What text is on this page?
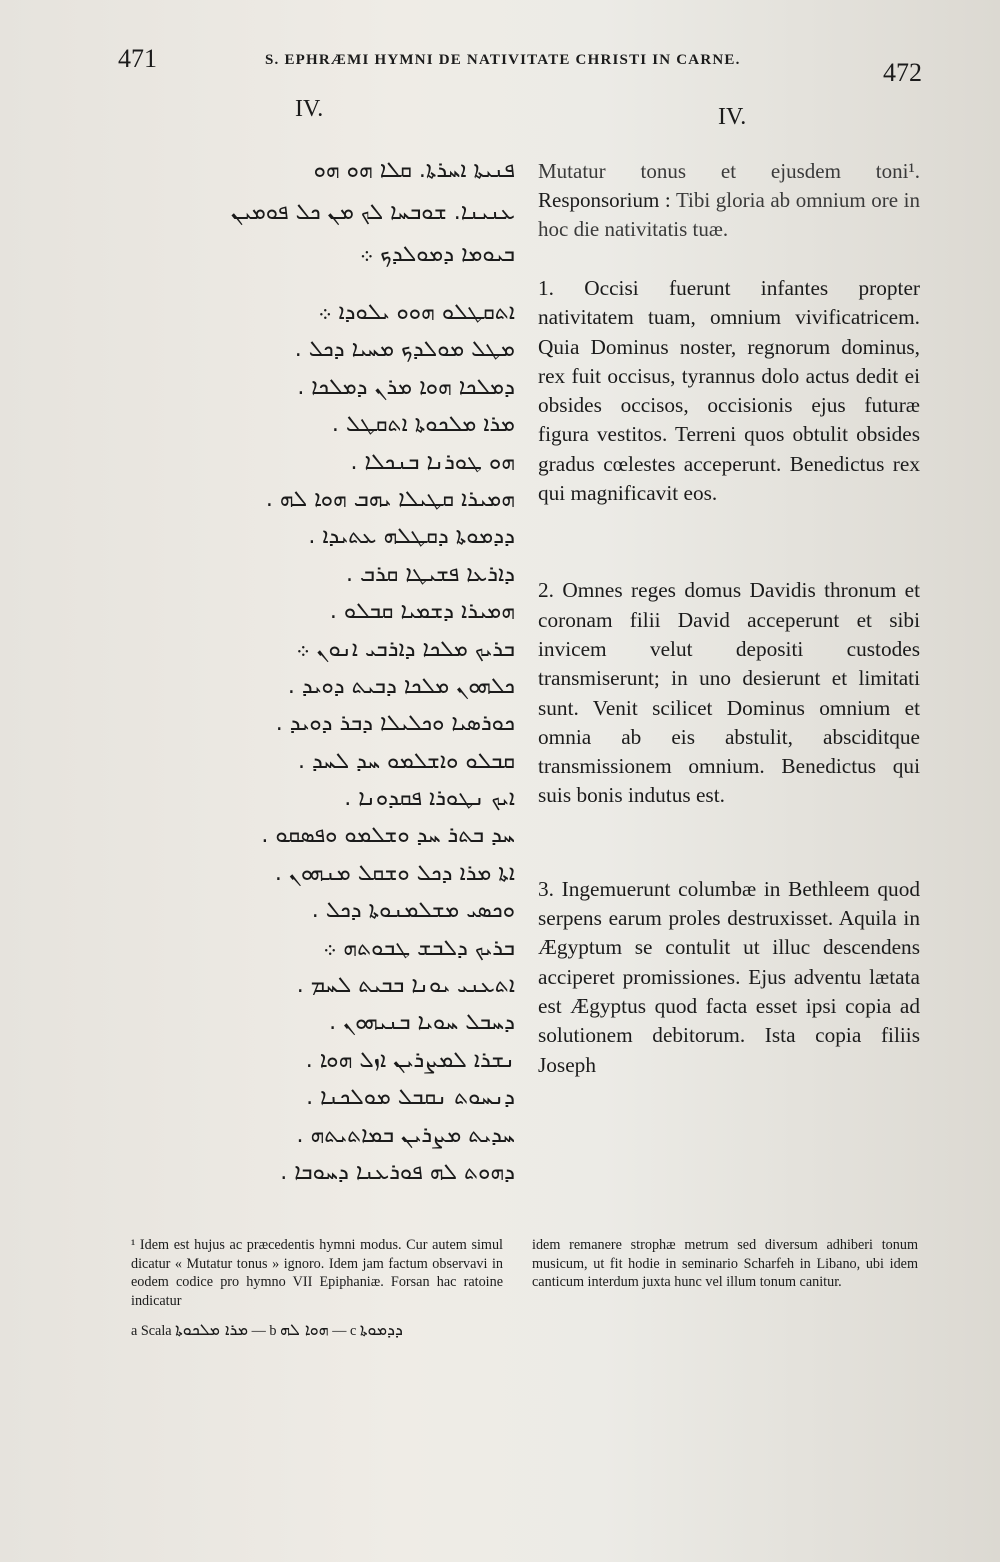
471	S. EPHRÆMI HYMNI DE NATIVITATE CHRISTI IN CARNE.	472
IV.	IV.
ܦܢܝܬܐ ܐܚܪܬܐ. ܩܠܐ ܗܘ ܗܘ
ܥܢܝܢܐ. ܫܘܒܚܐ ܠܟ ܡܢ ܟܠ ܦܘܡܝܢ
ܒܝܘܡܐ ܕܡܘܠܕܟ ܀
ܐܬܩܛܠܘ ܗܘܘ ܝܠܘܕܐ ܀
ܡܛܠ ܡܘܠܕܟ ܡܚܝܐ ܕܟܠ .
ܕܡܠܟܐ ܗܘܐ ܡܪܢ ܕܡܠܟܐ .
ܡܪܐ ܡܠܟܘܬܐ ܐܬܩܛܠ .
ܗܘ ܛܘܪܢܐ ܒܢܟܠܐ .
ܗܡܝܪܐ ܩܛܝܠܐ ܝܗܒ ܗܘܐ ܠܗ .
ܕܕܡܘܬܐ ܕܩܛܠܗ ܥܬܝܕܐ .
ܕܐܪܥܐ ܦܫܝܛܐ ܩܪܒ .
ܗܡܝܪܐ ܕܫܡܝܐ ܩܒܠܘ .
ܒܪܝܟ ܡܠܟܐ ܕܐܪܒܝ ܐܢܘܢ ܀
ܟܠܗܘܢ ܡܠܟܐ ܕܒܝܬ ܕܘܝܕ .
ܟܘܪܣܝܐ ܘܟܠܝܠܐ ܕܒܪ ܕܘܝܕ .
ܩܒܠܘ ܘܐܫܠܡܘ ܚܕ ܠܚܕ .
ܐܝܟ ܢܛܘܪܐ ܦܩܕܘܢܐ .
ܚܕ ܒܬܪ ܚܕ ܘܫܠܡܘ ܘܦܣܩܘ .
ܐܬܐ ܡܪܐ ܕܟܠ ܘܫܩܠ ܡܢܗܘܢ .
ܘܟܣܝ ܡܫܠܡܢܘܬܐ ܕܟܠ .
ܒܪܝܟ ܕܠܒܫ ܛܒܘܬܗ ܀
ܐܬܥܢܝ ܝܘܢܐ ܒܒܝܬ ܠܚܡ .
ܕܚܒܠ ܚܘܝܐ ܒܢܝܗܘܢ .
ܢܫܪܐ ܠܡܨܪܝܢ ܐܙܠ ܗܘܐ .
ܕܢܚܘܬ ܢܩܒܠ ܡܘܠܟܢܐ .
ܚܕܝܬ ܡܨܪܝܢ ܒܡܐܬܝܬܗ .
ܕܗܘܬ ܠܗ ܦܘܪܥܢܐ ܕܚܘܒܐ .

Mutatur tonus et ejusdem toni¹. Responsorium : Tibi gloria ab omnium ore in hoc die nativitatis tuæ.

1. Occisi fuerunt infantes propter nativitatem tuam, omnium vivificatricem. Quia Dominus noster, regnorum dominus, rex fuit occisus, tyrannus dolo actus dedit ei obsides occisos, occisionis ejus futuræ figura vestitos. Terreni quos obtulit obsides gradus cœlestes acceperunt. Benedictus rex qui magnificavit eos.

2. Omnes reges domus Davidis thronum et coronam filii David acceperunt et sibi invicem velut depositi custodes transmiserunt; in uno desierunt et limitati sunt. Venit scilicet Dominus omnium et omnia ab eis abstulit, absciditque transmissionem omnium. Benedictus qui suis bonis indutus est.

3. Ingemuerunt columbæ in Bethleem quod serpens earum proles destruxisset. Aquila in Ægyptum se contulit ut illuc descendens acciperet promissiones. Ejus adventu lætata est Ægyptus quod facta esset ipsi copia ad solutionem debitorum. Ista copia filiis Joseph

¹ Idem est hujus ac præcedentis hymni modus. Cur autem simul dicatur « Mutatur tonus » ignoro. Idem jam factum observavi in eodem codice pro hymno VII Epiphaniæ. Forsan hac ratoine indicatur

a Scala ܡܪܐ ܡܠܟܘܬܐ — b ܗܘܐ ܠܗ — c ܕܕܡܘܬܐ

idem remanere strophæ metrum sed diversum adhiberi tonum musicum, ut fit hodie in seminario Scharfeh in Libano, ubi idem canticum interdum juxta hunc vel illum tonum canitur.
